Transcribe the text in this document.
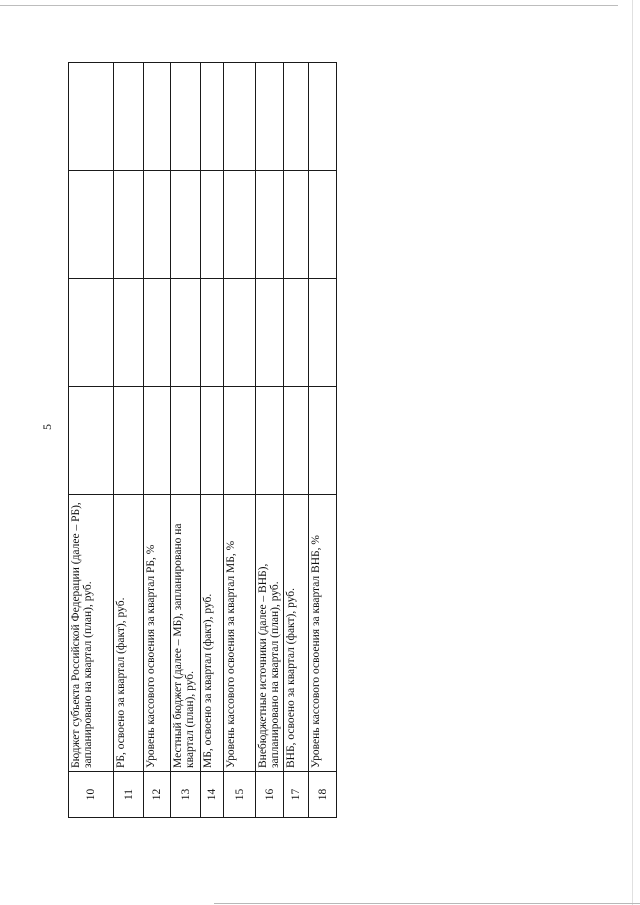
5
10	Бюджет субъекта Российской Федерации (далее – РБ), запланировано на квартал (план), руб.				
11	РБ, освоено за квартал (факт), руб.				
12	Уровень кассового освоения за квартал РБ, %				
13	Местный бюджет (далее – МБ), запланировано на квартал (план), руб.				
14	МБ, освоено за квартал (факт), руб.				
15	Уровень кассового освоения за квартал МБ, %				
16	Внебюджетные источники (далее – ВНБ), запланировано на квартал (план), руб.				
17	ВНБ, освоено за квартал (факт), руб.				
18	Уровень кассового освоения за квартал ВНБ, %				
